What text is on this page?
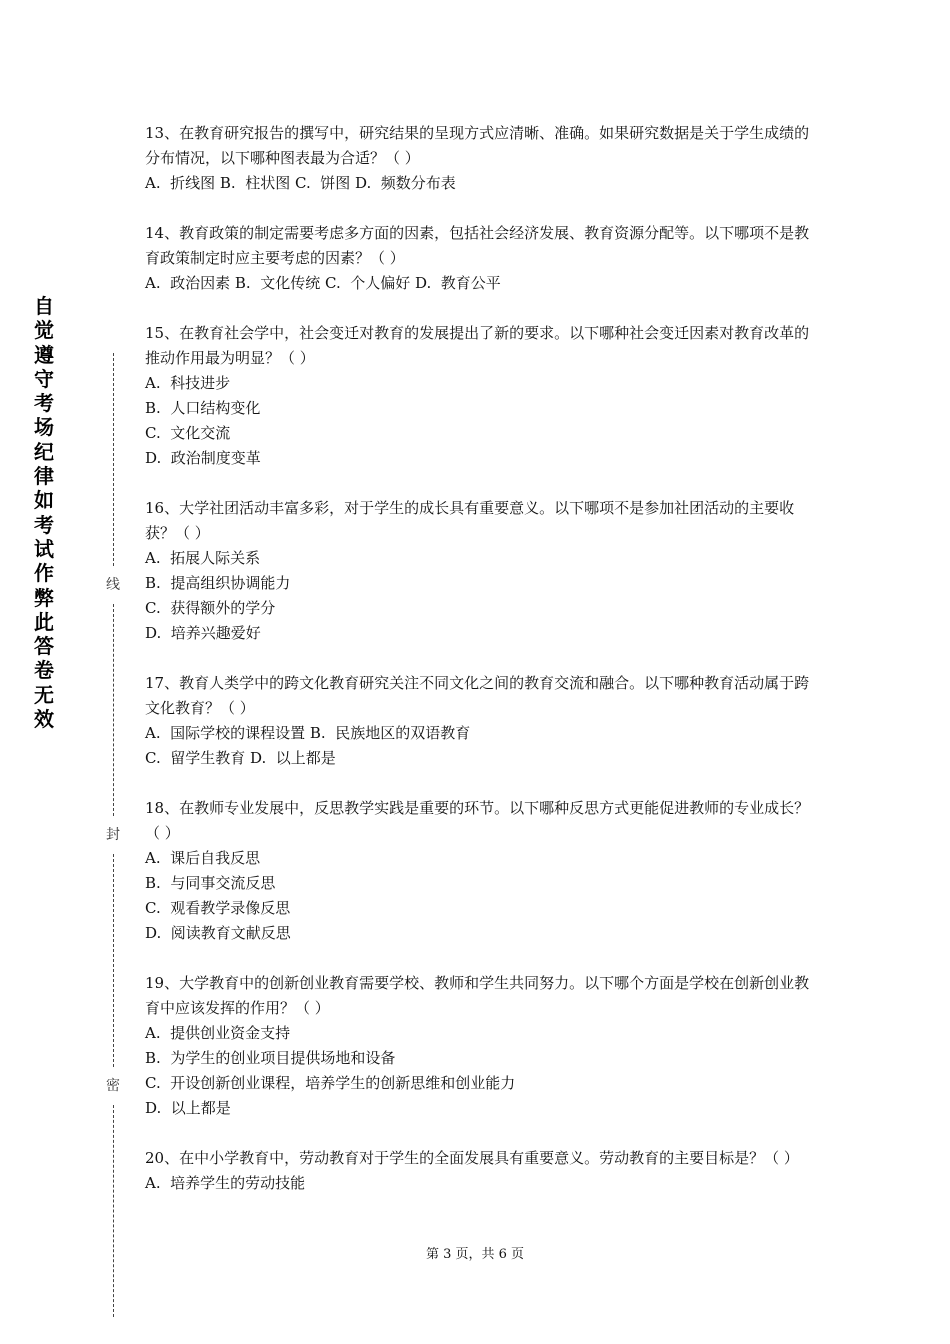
自觉遵守考场纪律如考试作弊此答卷无效
线
封
密

13、在教育研究报告的撰写中，研究结果的呈现方式应清晰、准确。如果研究数据是关于学生成绩的分布情况，以下哪种图表最为合适？（ ）

A.  折线图 B.  柱状图 C.  饼图 D.  频数分布表

14、教育政策的制定需要考虑多方面的因素，包括社会经济发展、教育资源分配等。以下哪项不是教育政策制定时应主要考虑的因素？（ ）

A.  政治因素 B.  文化传统 C.  个人偏好 D.  教育公平

15、在教育社会学中，社会变迁对教育的发展提出了新的要求。以下哪种社会变迁因素对教育改革的推动作用最为明显？（ ）

A.  科技进步
B.  人口结构变化
C.  文化交流
D.  政治制度变革

16、大学社团活动丰富多彩，对于学生的成长具有重要意义。以下哪项不是参加社团活动的主要收获？（ ）

A.  拓展人际关系
B.  提高组织协调能力
C.  获得额外的学分
D.  培养兴趣爱好

17、教育人类学中的跨文化教育研究关注不同文化之间的教育交流和融合。以下哪种教育活动属于跨文化教育？（ ）

A.  国际学校的课程设置 B.  民族地区的双语教育
C.  留学生教育 D.  以上都是

18、在教师专业发展中，反思教学实践是重要的环节。以下哪种反思方式更能促进教师的专业成长？（ ）

A.  课后自我反思
B.  与同事交流反思
C.  观看教学录像反思
D.  阅读教育文献反思

19、大学教育中的创新创业教育需要学校、教师和学生共同努力。以下哪个方面是学校在创新创业教育中应该发挥的作用？（ ）

A.  提供创业资金支持
B.  为学生的创业项目提供场地和设备
C.  开设创新创业课程，培养学生的创新思维和创业能力
D.  以上都是

20、在中小学教育中，劳动教育对于学生的全面发展具有重要意义。劳动教育的主要目标是？（ ）

A.  培养学生的劳动技能
第 3 页，共 6 页
